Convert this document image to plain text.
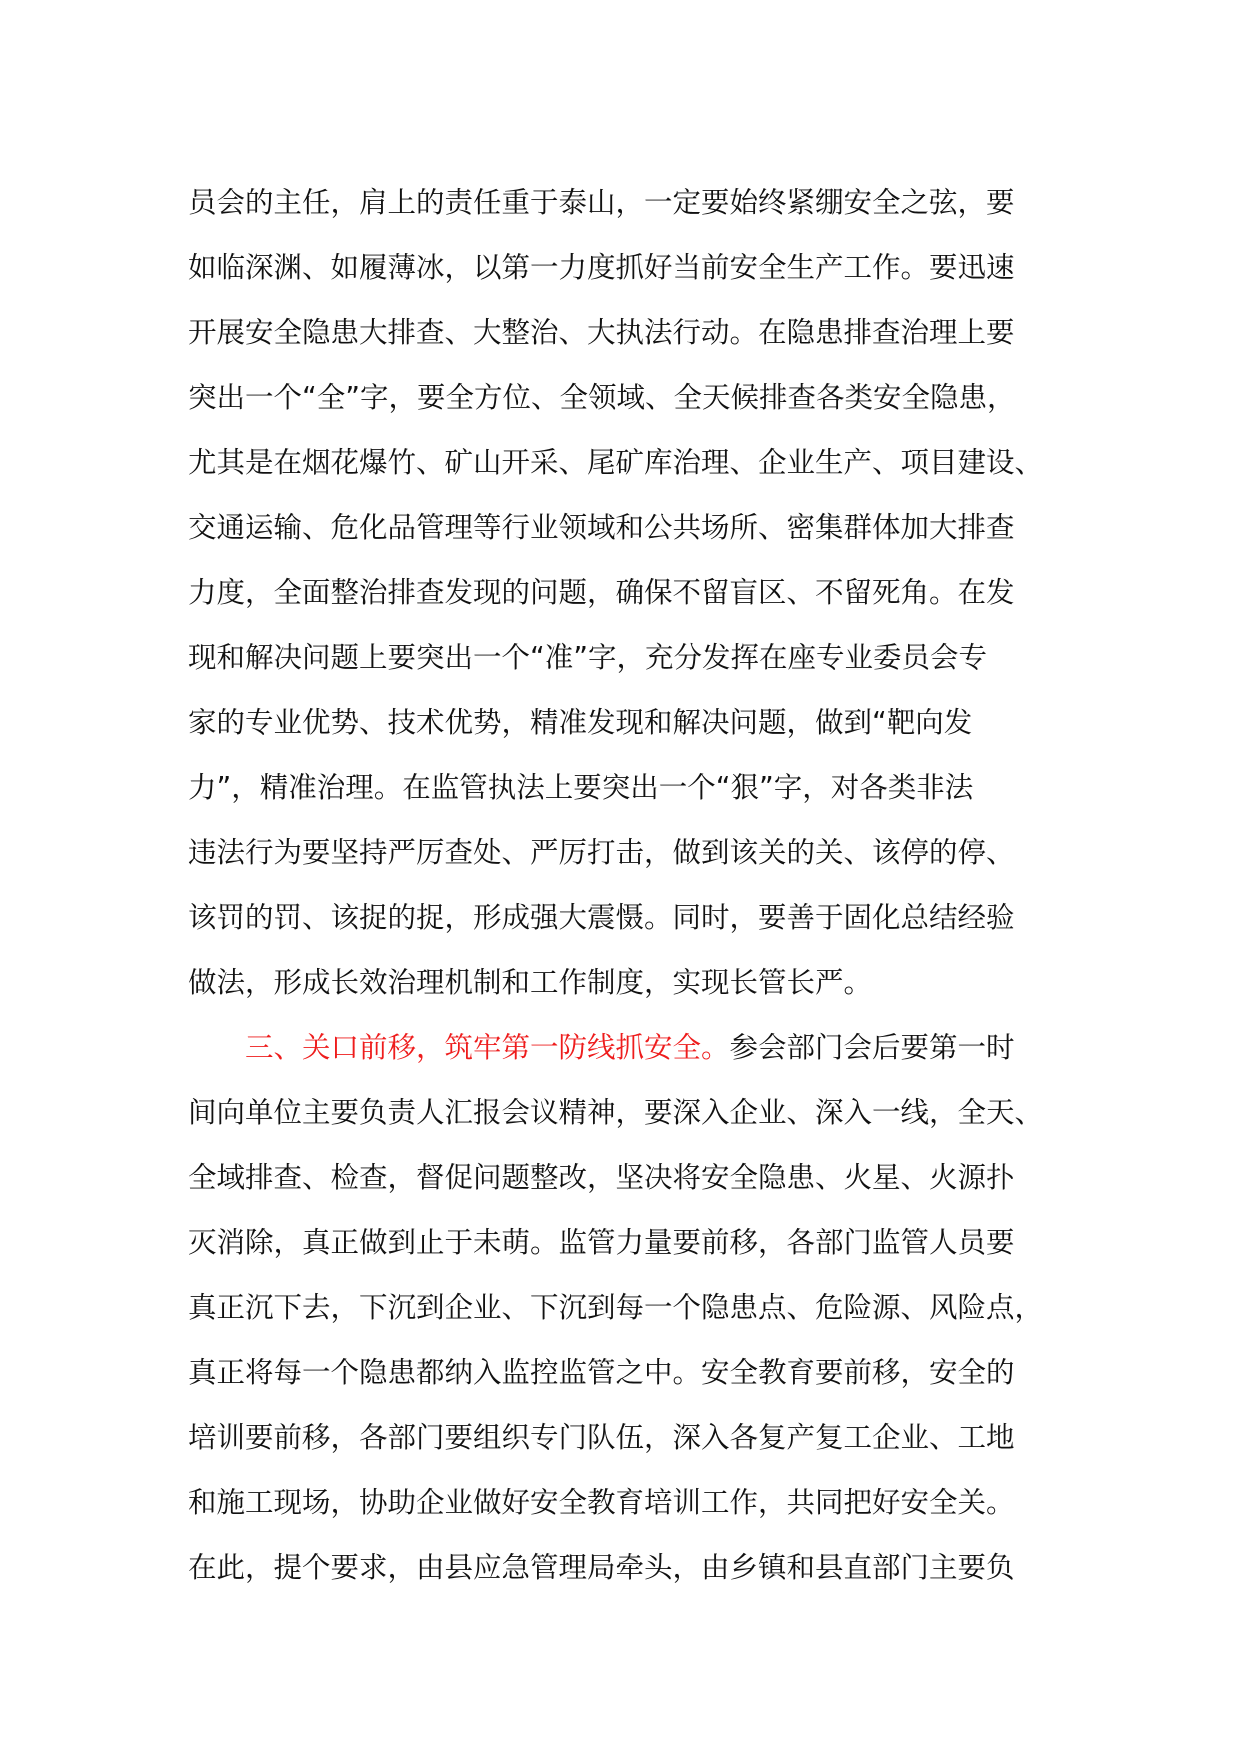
员会的主任，肩上的责任重于泰山，一定要始终紧绷安全之弦，要
如临深渊、如履薄冰，以第一力度抓好当前安全生产工作。要迅速
开展安全隐患大排查、大整治、大执法行动。在隐患排查治理上要
突出一个“全”字，要全方位、全领域、全天候排查各类安全隐患，
尤其是在烟花爆竹、矿山开采、尾矿库治理、企业生产、项目建设、
交通运输、危化品管理等行业领域和公共场所、密集群体加大排查
力度，全面整治排查发现的问题，确保不留盲区、不留死角。在发
现和解决问题上要突出一个“准”字，充分发挥在座专业委员会专
家的专业优势、技术优势，精准发现和解决问题，做到“靶向发
力”，精准治理。在监管执法上要突出一个“狠”字，对各类非法
违法行为要坚持严厉查处、严厉打击，做到该关的关、该停的停、
该罚的罚、该捉的捉，形成强大震慑。同时，要善于固化总结经验
做法，形成长效治理机制和工作制度，实现长管长严。
三、关口前移，筑牢第一防线抓安全。参会部门会后要第一时
间向单位主要负责人汇报会议精神，要深入企业、深入一线，全天、
全域排查、检查，督促问题整改，坚决将安全隐患、火星、火源扑
灭消除，真正做到止于未萌。监管力量要前移，各部门监管人员要
真正沉下去，下沉到企业、下沉到每一个隐患点、危险源、风险点，
真正将每一个隐患都纳入监控监管之中。安全教育要前移，安全的
培训要前移，各部门要组织专门队伍，深入各复产复工企业、工地
和施工现场，协助企业做好安全教育培训工作，共同把好安全关。
在此，提个要求，由县应急管理局牵头，由乡镇和县直部门主要负
